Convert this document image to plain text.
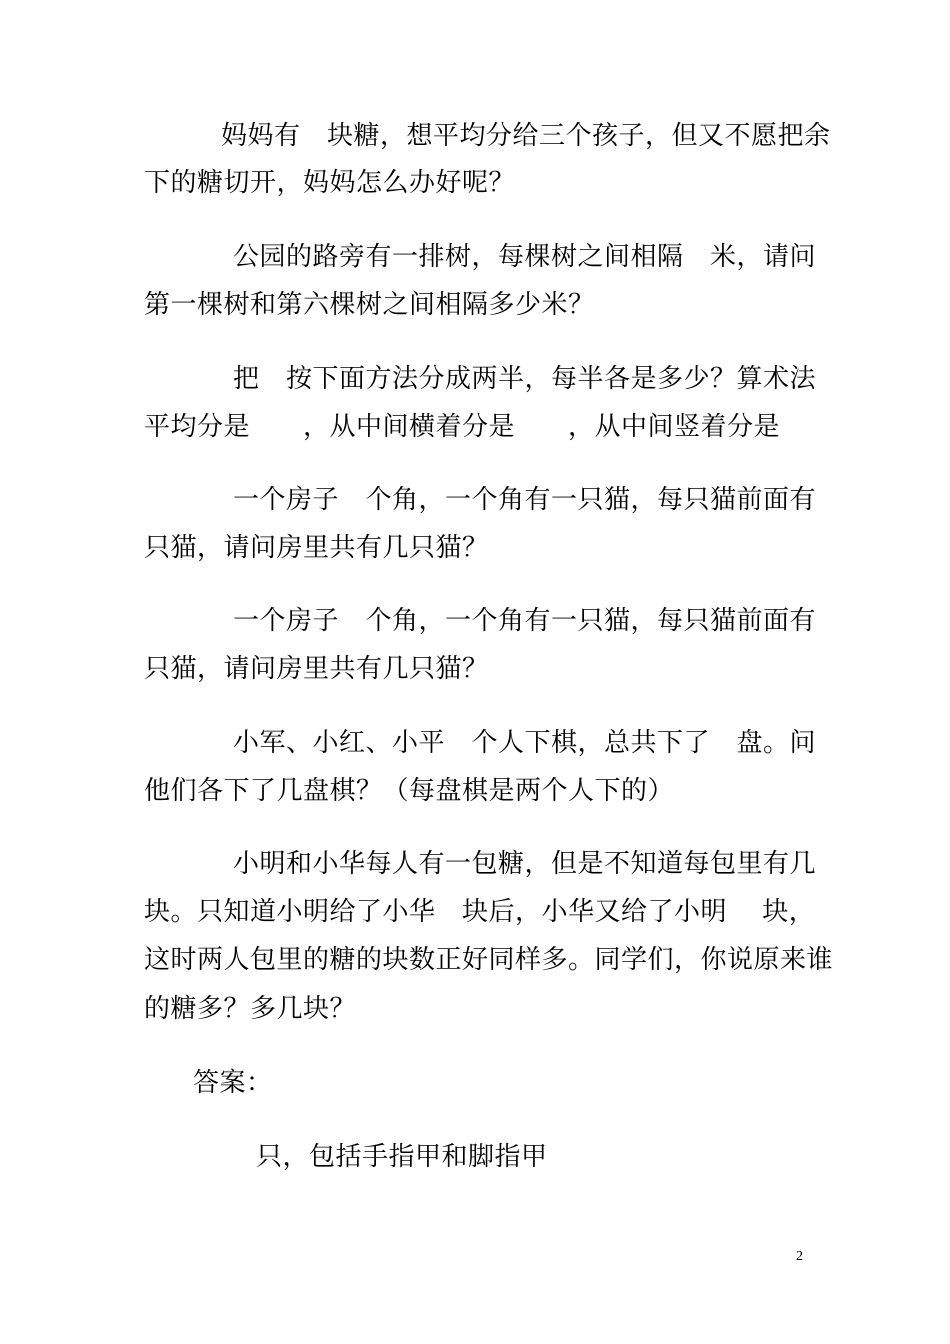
妈妈有　块糖，想平均分给三个孩子，但又不愿把余
下的糖切开，妈妈怎么办好呢？
公园的路旁有一排树，每棵树之间相隔　米，请问
第一棵树和第六棵树之间相隔多少米？
把　按下面方法分成两半，每半各是多少？算术法
平均分是　　，从中间横着分是　　，从中间竖着分是
一个房子　个角，一个角有一只猫，每只猫前面有
只猫，请问房里共有几只猫？
一个房子　个角，一个角有一只猫，每只猫前面有
只猫，请问房里共有几只猫？
小军、小红、小平　个人下棋，总共下了　盘。问
他们各下了几盘棋？（每盘棋是两个人下的）
小明和小华每人有一包糖，但是不知道每包里有几
块。只知道小明给了小华　块后，小华又给了小明　 块，
这时两人包里的糖的块数正好同样多。同学们，你说原来谁
的糖多？多几块？
答案：
只，包括手指甲和脚指甲
2
